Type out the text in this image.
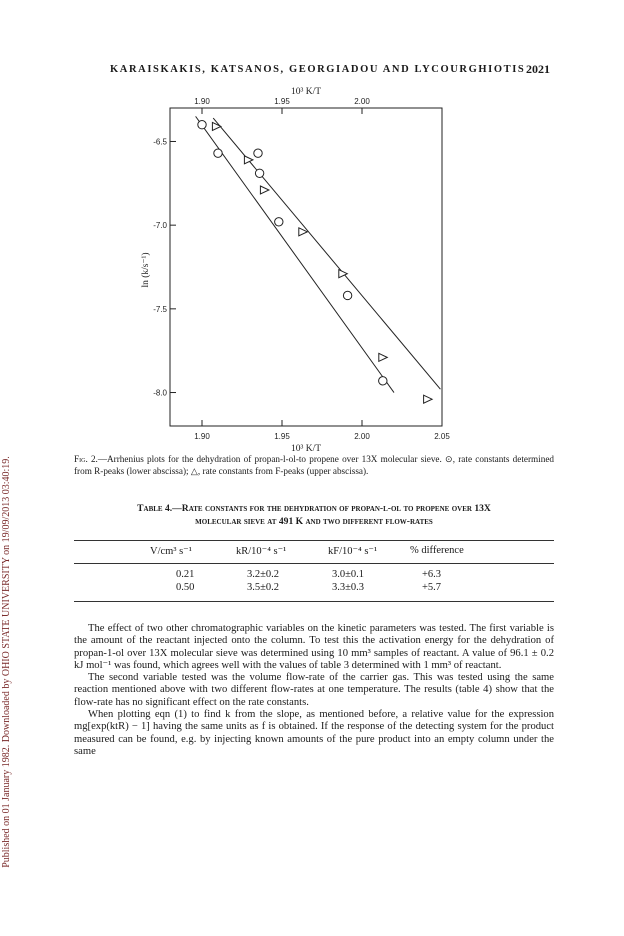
Published on 01 January 1982. Downloaded by OHIO STATE UNIVERSITY on 19/09/2013 03:40:19.
KARAISKAKIS, KATSANOS, GEORGIADOU AND LYCOURGHIOTIS 2021
1.90	1.95	2.00	2.05
1.90	1.95	2.00
-6.5
-7.0
-7.5
-8.0
10³ K/T
10³ K/T
ln (k/s⁻¹)
Fig. 2.—Arrhenius plots for the dehydration of propan-l-ol-to propene over 13X molecular sieve. ⊙, rate constants determined from R-peaks (lower abscissa); △, rate constants from F-peaks (upper abscissa).
Table 4.—Rate constants for the dehydration of propan-l-ol to propene over 13X
molecular sieve at 491 K and two different flow-rates
V/cm³ s⁻¹	kR/10⁻⁴ s⁻¹	kF/10⁻⁴ s⁻¹	% difference
0.21	3.2±0.2	3.0±0.1	+6.3
0.50	3.5±0.2	3.3±0.3	+5.7

The effect of two other chromatographic variables on the kinetic parameters was tested. The first variable is the amount of the reactant injected onto the column. To test this the activation energy for the dehydration of propan-1-ol over 13X molecular sieve was determined using 10 mm³ samples of reactant. A value of 96.1 ± 0.2 kJ mol⁻¹ was found, which agrees well with the values of table 3 determined with 1 mm³ of reactant.

The second variable tested was the volume flow-rate of the carrier gas. This was tested using the same reaction mentioned above with two different flow-rates at one temperature. The results (table 4) show that the flow-rate has no significant effect on the rate constants.

When plotting eqn (1) to find k from the slope, as mentioned before, a relative value for the expression mg[exp(ktR) − 1] having the same units as f is obtained. If the response of the detecting system for the product measured can be found, e.g. by injecting known amounts of the pure product into an empty column under the same
